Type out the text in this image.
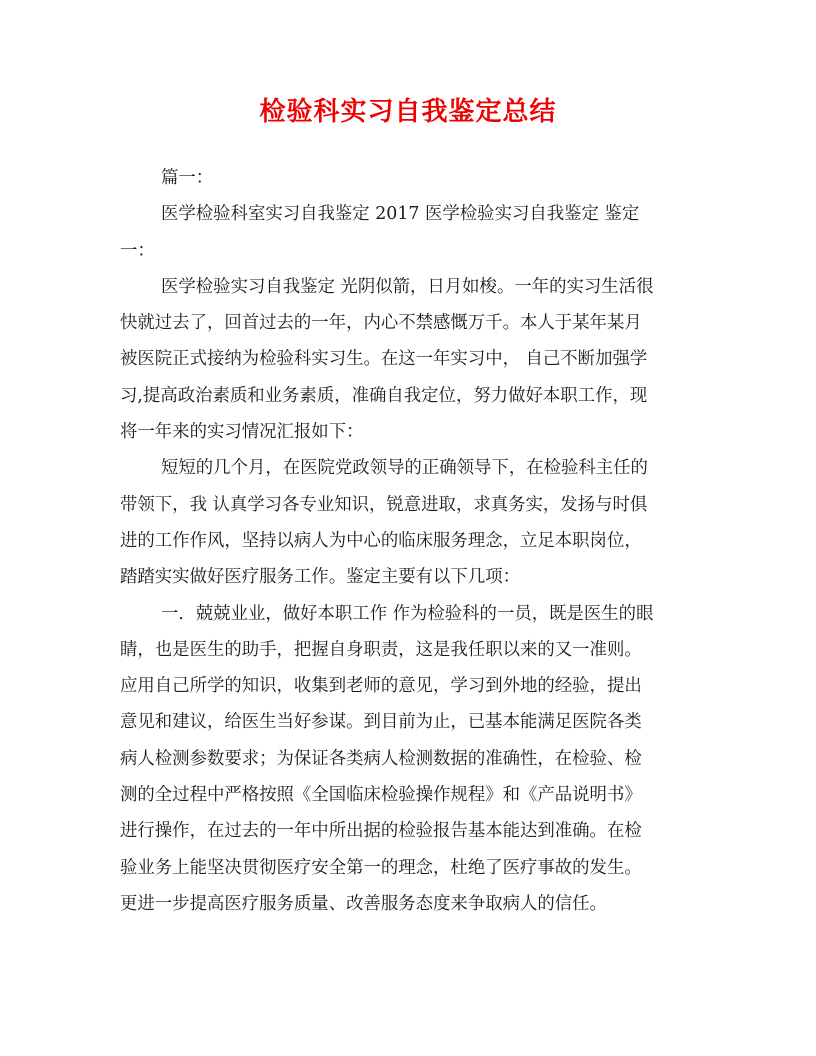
检验科实习自我鉴定总结

篇一：

医学检验科室实习自我鉴定 2017 医学检验实习自我鉴定 鉴定
一：

医学检验实习自我鉴定 光阴似箭，日月如梭。一年的实习生活很
快就过去了，回首过去的一年，内心不禁感慨万千。本人于某年某月
被医院正式接纳为检验科实习生。在这一年实习中， 自己不断加强学
习,提高政治素质和业务素质，准确自我定位，努力做好本职工作，现
将一年来的实习情况汇报如下：

短短的几个月，在医院党政领导的正确领导下，在检验科主任的
带领下，我 认真学习各专业知识，锐意进取，求真务实，发扬与时俱
进的工作作风，坚持以病人为中心的临床服务理念，立足本职岗位，
踏踏实实做好医疗服务工作。鉴定主要有以下几项：

一．兢兢业业，做好本职工作 作为检验科的一员，既是医生的眼
睛，也是医生的助手，把握自身职责，这是我任职以来的又一准则。
应用自己所学的知识，收集到老师的意见，学习到外地的经验，提出
意见和建议，给医生当好参谋。到目前为止，已基本能满足医院各类
病人检测参数要求；为保证各类病人检测数据的准确性，在检验、检
测的全过程中严格按照《全国临床检验操作规程》和《产品说明书》
进行操作，在过去的一年中所出据的检验报告基本能达到准确。在检
验业务上能坚决贯彻医疗安全第一的理念，杜绝了医疗事故的发生。
更进一步提高医疗服务质量、改善服务态度来争取病人的信任。
